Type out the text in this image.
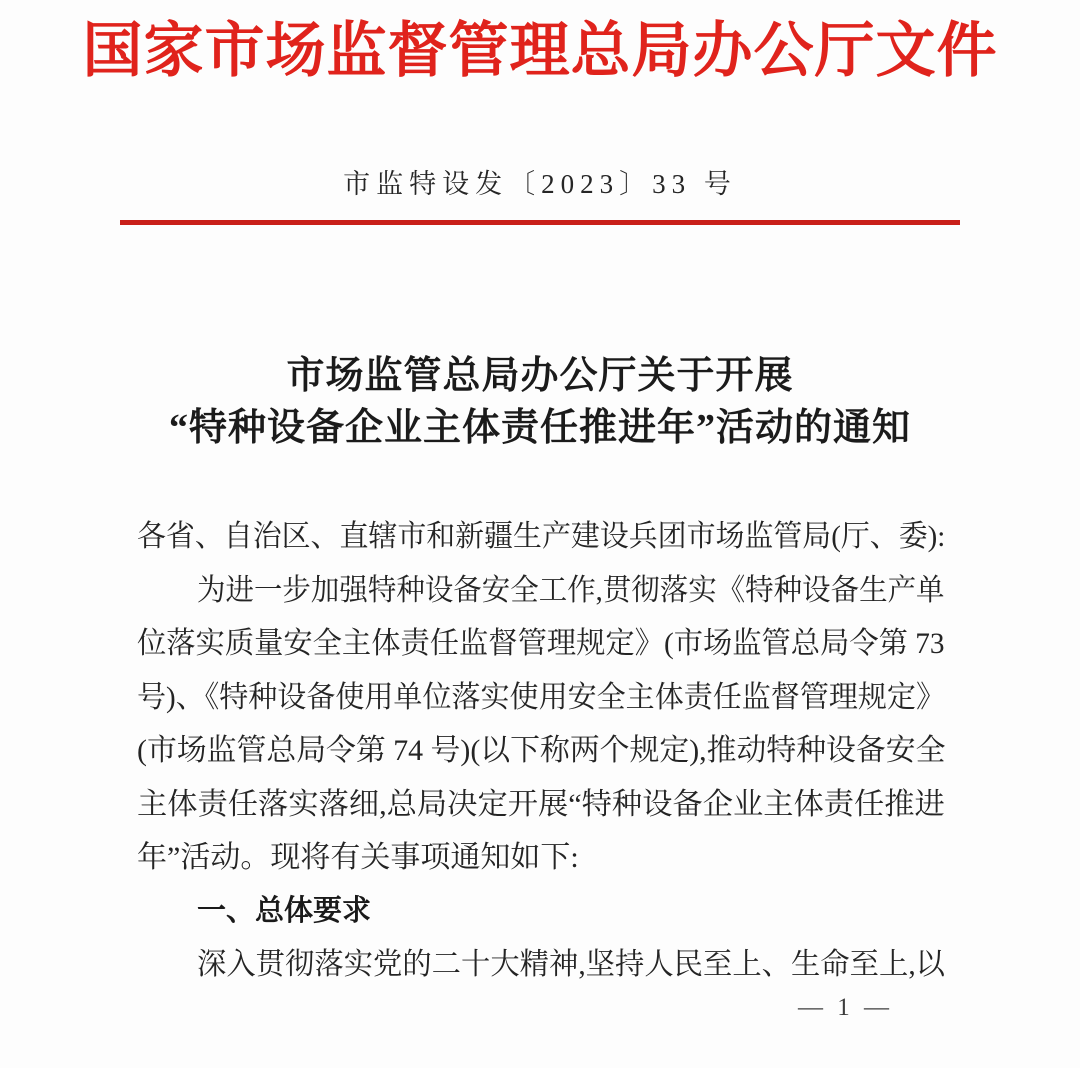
国家市场监督管理总局办公厅文件
市监特设发〔2023〕33 号
市场监管总局办公厅关于开展
“特种设备企业主体责任推进年”活动的通知
各省、自治区、直辖市和新疆生产建设兵团市场监管局(厅、委):
为进一步加强特种设备安全工作,贯彻落实《特种设备生产单
位落实质量安全主体责任监督管理规定》(市场监管总局令第 73
号)、《特种设备使用单位落实使用安全主体责任监督管理规定》
(市场监管总局令第 74 号)(以下称两个规定),推动特种设备安全
主体责任落实落细,总局决定开展“特种设备企业主体责任推进
年”活动。现将有关事项通知如下:
一、总体要求
深入贯彻落实党的二十大精神,坚持人民至上、生命至上,以
— 1 —
